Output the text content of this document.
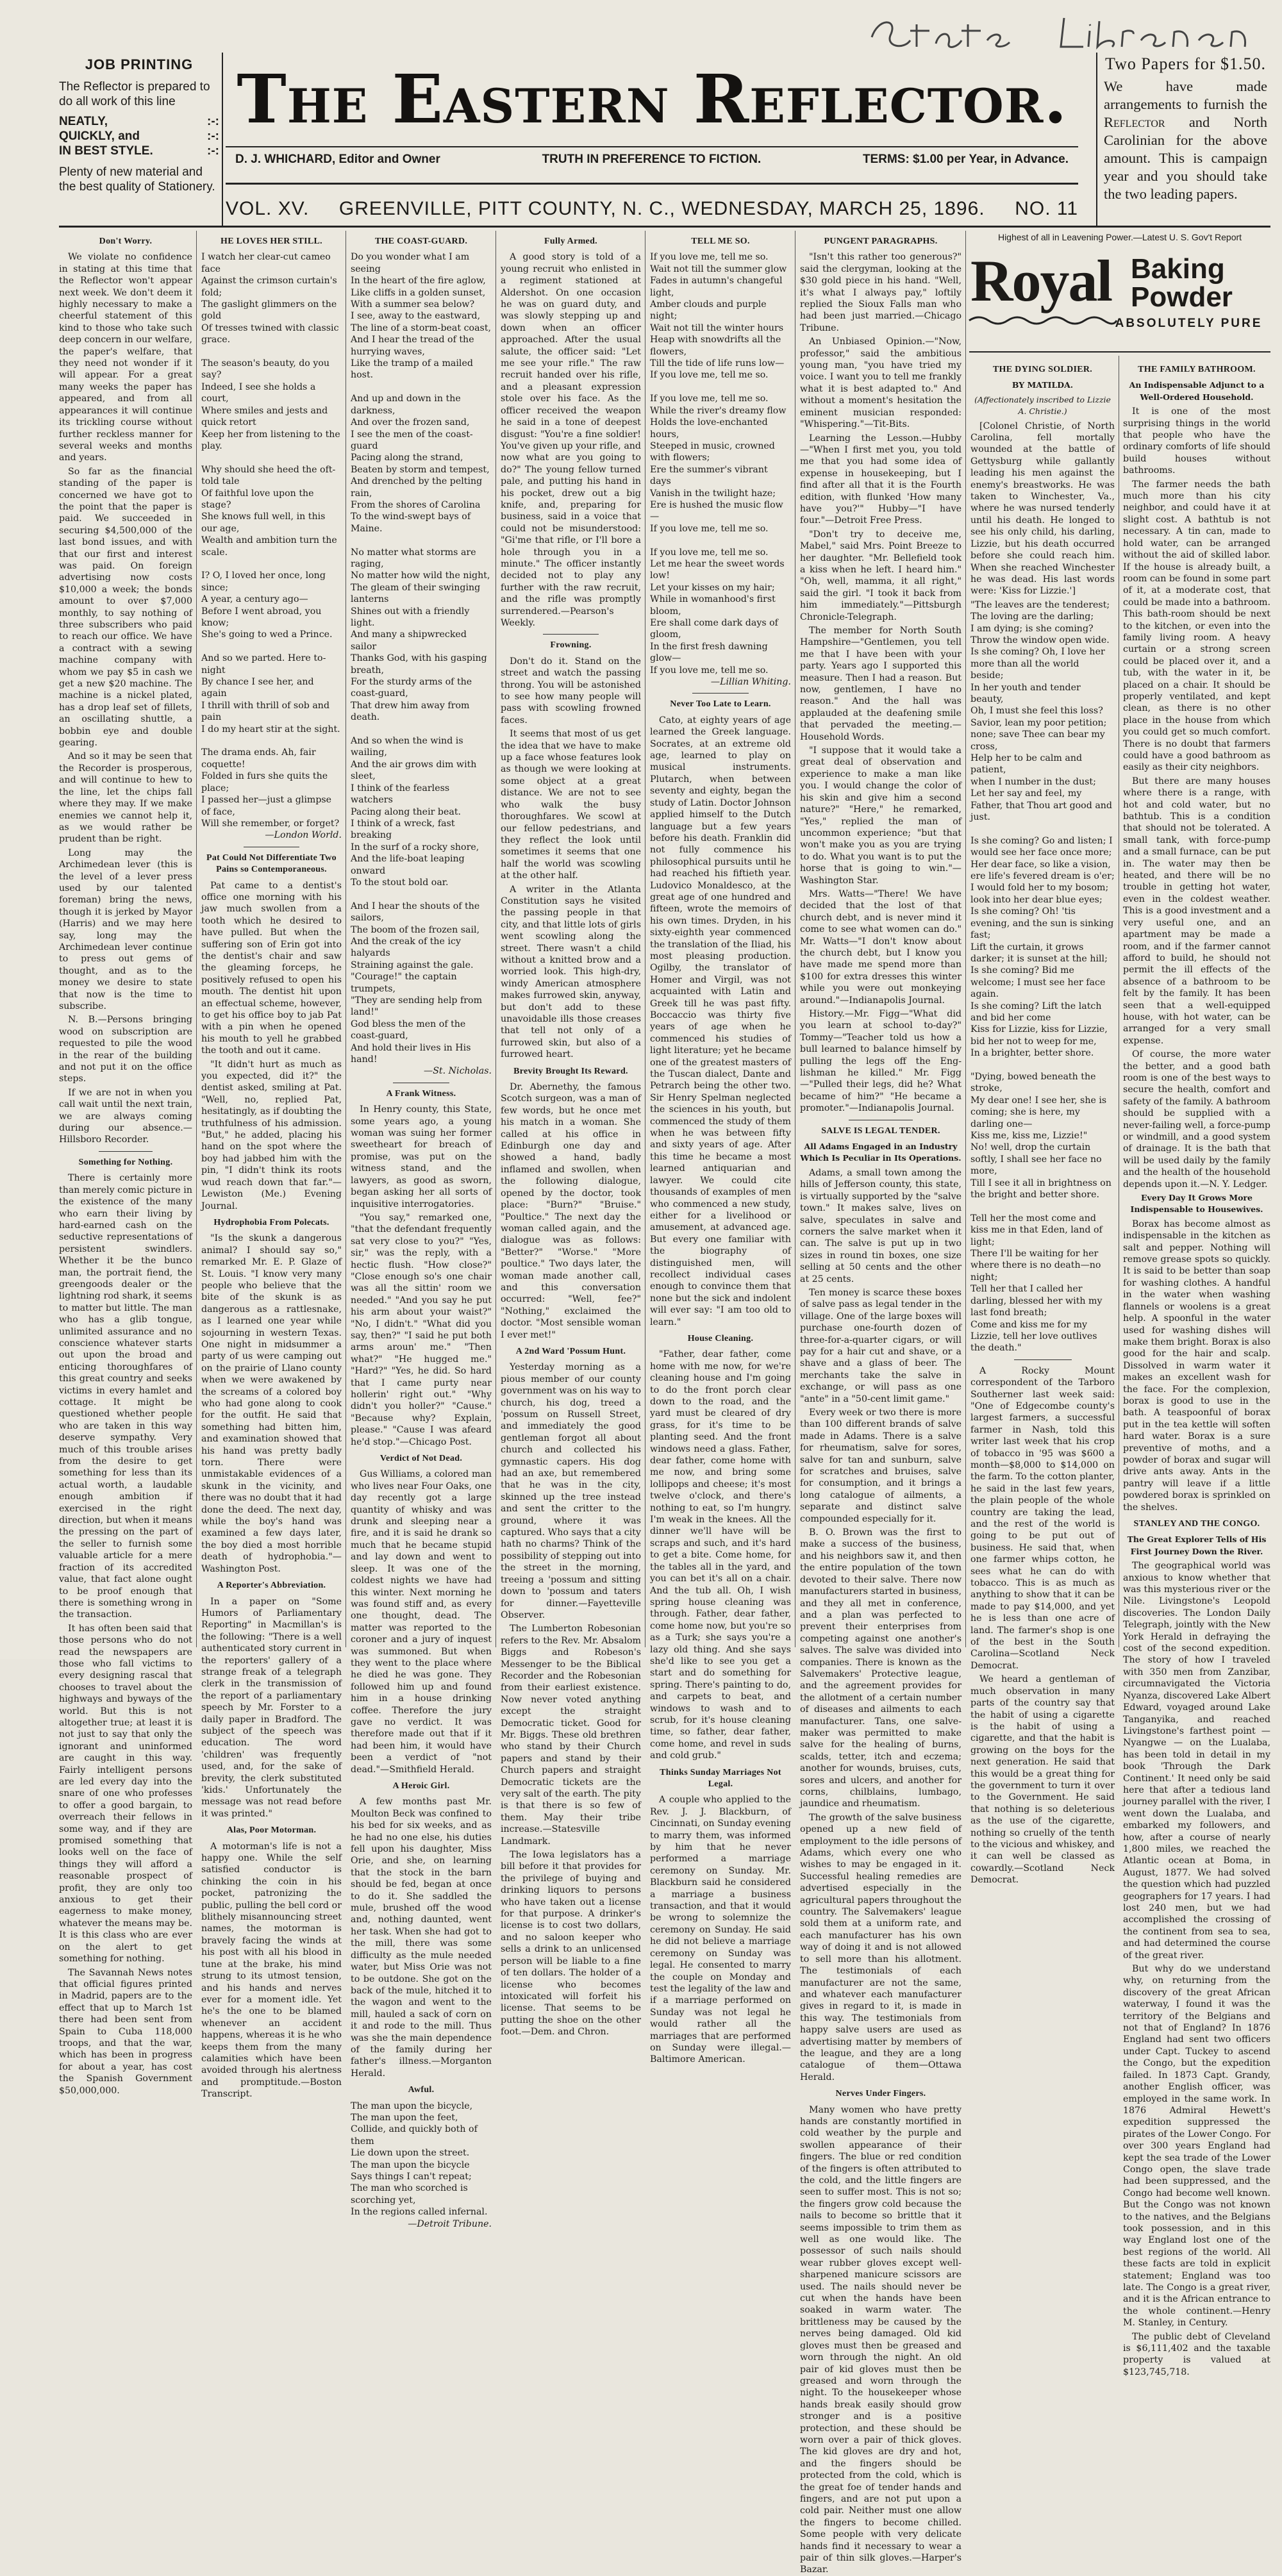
JOB PRINTING
The Reflector is prepared to do all work of this line
NEATLY,	:-:
QUICKLY, and	:-:
IN BEST STYLE.	:-:
Plenty of new material and the best quality of Stationery.
The Eastern Reflector.
D. J. WHICHARD, Editor and Owner	TRUTH IN PREFERENCE TO FICTION.	TERMS: $1.00 per Year, in Advance.
VOL. XV. GREENVILLE, PITT COUNTY, N. C., WEDNESDAY, MARCH 25, 1896. NO. 11
Two Papers for $1.50.
We have made arrangements to furnish the Reflector and North Carolinian for the above amount. This is campaign year and you should take the two leading papers.
Don't Worry.

We violate no confidence in stating at this time that the Reflector won't appear next week. We don't deem it highly necessary to make a cheerful statement of this kind to those who take such deep concern in our welfare, the paper's welfare, that they need not wonder if it will appear. For a great many weeks the paper has appeared, and from all appearances it will continue its trickling course without further reckless manner for several weeks and months and years.

So far as the financial standing of the paper is concerned we have got to the point that the paper is paid. We succeeded in securing $4,500,000 of the last bond issues, and with that our first and interest was paid. On foreign advertising now costs $10,000 a week; the bonds amount to over $7,000 monthly, to say nothing of three subscribers who paid to reach our office. We have a contract with a sewing machine company with whom we pay $5 in cash we get a new $20 machine. The machine is a nickel plated, has a drop leaf set of fillets, an oscillating shuttle, a bobbin eye and double gearing.

And so it may be seen that the Recorder is prosperous, and will continue to hew to the line, let the chips fall where they may. If we make enemies we cannot help it, as we would rather be prudent than be right.

Long may the Archimedean lever (this is the level of a lever press used by our talented foreman) bring the news, though it is jerked by Mayor (Harris) and we may here say, long may the Archimedean lever continue to press out gems of thought, and as to the money we desire to state that now is the time to subscribe.

N. B.—Persons bringing wood on subscription are requested to pile the wood in the rear of the building and not put it on the office steps.

If we are not in when you call wait until the next train, we are always coming during our absence.—Hillsboro Recorder.

Something for Nothing.

There is certainly more than merely comic picture in the existence of the many who earn their living by hard-earned cash on the seductive representations of persistent swindlers. Whether it be the bunco man, the portrait fiend, the greengoods dealer or the lightning rod shark, it seems to matter but little. The man who has a glib tongue, unlimited assurance and no conscience whatever starts out upon the broad and enticing thoroughfares of this great country and seeks victims in every hamlet and cottage. It might be questioned whether people who are taken in this way deserve sympathy. Very much of this trouble arises from the desire to get something for less than its actual worth, a laudable enough ambition if exercised in the right direction, but when it means the pressing on the part of the seller to furnish some valuable article for a mere fraction of its accredited value, that fact alone ought to be proof enough that there is something wrong in the transaction.

It has often been said that those persons who do not read the newspapers are those who fall victims to every designing rascal that chooses to travel about the highways and byways of the world. But this is not altogether true; at least it is not just to say that only the ignorant and uninformed are caught in this way. Fairly intelligent persons are led every day into the snare of one who professes to offer a good bargain, to overreach their fellows in some way, and if they are promised something that looks well on the face of things they will afford a reasonable prospect of profit, they are only too anxious to get their eagerness to make money, whatever the means may be. It is this class who are ever on the alert to get something for nothing.

The Savannah News notes that official figures printed in Madrid, papers are to the effect that up to March 1st there had been sent from Spain to Cuba 118,000 troops, and that the war, which has been in progress for about a year, has cost the Spanish Government $50,000,000.

HE LOVES HER STILL.
I watch her clear-cut cameo face
Against the crimson curtain's fold;
The gaslight glimmers on the gold
Of tresses twined with classic grace.

The season's beauty, do you say?
Indeed, I see she holds a court,
Where smiles and jests and quick retort
Keep her from listening to the play.

Why should she heed the oft-told tale
Of faithful love upon the stage?
She knows full well, in this our age,
Wealth and ambition turn the scale.

I? O, I loved her once, long since;
A year, a century ago—
Before I went abroad, you know;
She's going to wed a Prince.

And so we parted. Here to-night
By chance I see her, and again
I thrill with thrill of sob and pain
I do my heart stir at the sight.

The drama ends. Ah, fair coquette!
Folded in furs she quits the place;
I passed her—just a glimpse of face,
Will she remember, or forget?
—London World.
Pat Could Not Differentiate Two Pains so Contemporaneous.

Pat came to a dentist's office one morning with his jaw much swollen from a tooth which he desired to have pulled. But when the suffering son of Erin got into the dentist's chair and saw the gleaming forceps, he positively refused to open his mouth. The dentist hit upon an effectual scheme, however, to get his office boy to jab Pat with a pin when he opened his mouth to yell he grabbed the tooth and out it came.

"It didn't hurt as much as you expected, did it?" the dentist asked, smiling at Pat. "Well, no, replied Pat, hesitatingly, as if doubting the truthfulness of his admission. "But," he added, placing his hand on the spot where the boy had jabbed him with the pin, "I didn't think its roots wud reach down that far."—Lewiston (Me.) Evening Journal.

Hydrophobia From Polecats.

"Is the skunk a dangerous animal? I should say so," remarked Mr. E. P. Glaze of St. Louis. "I know very many people who believe that the bite of the skunk is as dangerous as a rattlesnake, as I learned one year while sojourning in western Texas. One night in midsummer a party of us were camping out on the prairie of Llano county when we were awakened by the screams of a colored boy who had gone along to cook for the outfit. He said that something had bitten him, and examination showed that his hand was pretty badly torn. There were unmistakable evidences of a skunk in the vicinity, and there was no doubt that it had done the deed. The next day, while the boy's hand was examined a few days later, the boy died a most horrible death of hydrophobia."—Washington Post.

A Reporter's Abbreviation.

In a paper on "Some Humors of Parliamentary Reporting" in Macmillan's is the following: "There is a well authenticated story current in the reporters' gallery of a strange freak of a telegraph clerk in the transmission of the report of a parliamentary speech by Mr. Forster to a daily paper in Bradford. The subject of the speech was education. The word 'children' was frequently used, and, for the sake of brevity, the clerk substituted 'kids.' Unfortunately the message was not read before it was printed."

Alas, Poor Motorman.

A motorman's life is not a happy one. While the self satisfied conductor is chinking the coin in his pocket, patronizing the public, pulling the bell cord or blithely misannouncing street names, the motorman is bravely facing the winds at his post with all his blood in tune at the brake, his mind strung to its utmost tension, and his hands and nerves ever for a moment idle. Yet he's the one to be blamed whenever an accident happens, whereas it is he who keeps them from the many calamities which have been avoided through his alertness and promptitude.—Boston Transcript.

THE COAST-GUARD.
Do you wonder what I am seeing
In the heart of the fire aglow,
Like cliffs in a golden sunset,
With a summer sea below?
I see, away to the eastward,
The line of a storm-beat coast,
And I hear the tread of the hurrying waves,
Like the tramp of a mailed host.

And up and down in the darkness,
And over the frozen sand,
I see the men of the coast-guard
Pacing along the strand,
Beaten by storm and tempest,
And drenched by the pelting rain,
From the shores of Carolina
To the wind-swept bays of Maine.

No matter what storms are raging,
No matter how wild the night,
The gleam of their swinging lanterns
Shines out with a friendly light.
And many a shipwrecked sailor
Thanks God, with his gasping breath,
For the sturdy arms of the coast-guard,
That drew him away from death.

And so when the wind is wailing,
And the air grows dim with sleet,
I think of the fearless watchers
Pacing along their beat.
I think of a wreck, fast breaking
In the surf of a rocky shore,
And the life-boat leaping onward
To the stout bold oar.

And I hear the shouts of the sailors,
The boom of the frozen sail,
And the creak of the icy halyards
Straining against the gale.
"Courage!" the captain trumpets,
"They are sending help from land!"
God bless the men of the coast-guard,
And hold their lives in His hand!
—St. Nicholas.
A Frank Witness.

In Henry county, this State, some years ago, a young woman was suing her former sweetheart for breach of promise, was put on the witness stand, and the lawyers, as good as sworn, began asking her all sorts of inquisitive interrogatories.

"You say," remarked one, "that the defendant frequently sat very close to you?" "Yes, sir," was the reply, with a hectic flush. "How close?" "Close enough so's one chair was all the sittin' room we needed." "And you say he put his arm about your waist?" "No, I didn't." "What did you say, then?" "I said he put both arms aroun' me." "Then what?" "He hugged me." "Hard?" "Yes, he did. So hard that I came purty near hollerin' right out." "Why didn't you holler?" "Cause." "Because why? Explain, please." "Cause I was afeard he'd stop."—Chicago Post.

Verdict of Not Dead.

Gus Williams, a colored man who lives near Four Oaks, one day recently got a large quantity of whisky and was drunk and sleeping near a fire, and it is said he drank so much that he became stupid and lay down and went to sleep. It was one of the coldest nights we have had this winter. Next morning he was found stiff and, as every one thought, dead. The matter was reported to the coroner and a jury of inquest was summoned. But when they went to the place where he died he was gone. They followed him up and found him in a house drinking coffee. Therefore the jury gave no verdict. It was therefore made out that if it had been him, it would have been a verdict of "not dead."—Smithfield Herald.

A Heroic Girl.

A few months past Mr. Moulton Beck was confined to his bed for six weeks, and as he had no one else, his duties fell upon his daughter, Miss Orie, and she, on learning that the stock in the barn should be fed, began at once to do it. She saddled the mule, brushed off the wood and, nothing daunted, went her task. When she had got to the mill, there was some difficulty as the mule needed water, but Miss Orie was not to be outdone. She got on the back of the mule, hitched it to the wagon and went to the mill, hauled a sack of corn on it and rode to the mill. Thus was she the main dependence of the family during her father's illness.—Morganton Herald.

Awful.
The man upon the bicycle,
The man upon the feet,
Collide, and quickly both of them
Lie down upon the street.
The man upon the bicycle
Says things I can't repeat;
The man who scorched is scorching yet,
In the regions called infernal.
—Detroit Tribune.
Fully Armed.

A good story is told of a young recruit who enlisted in a regiment stationed at Aldershot. On one occasion he was on guard duty, and was slowly stepping up and down when an officer approached. After the usual salute, the officer said: "Let me see your rifle." The raw recruit handed over his rifle, and a pleasant expression stole over his face. As the officer received the weapon he said in a tone of deepest disgust: "You're a fine soldier! You've given up your rifle, and now what are you going to do?" The young fellow turned pale, and putting his hand in his pocket, drew out a big knife, and, preparing for business, said in a voice that could not be misunderstood: "Gi'me that rifle, or I'll bore a hole through you in a minute." The officer instantly decided not to play any further with the raw recruit, and the rifle was promptly surrendered.—Pearson's Weekly.

Frowning.

Don't do it. Stand on the street and watch the passing throng. You will be astonished to see how many people will pass with scowling frowned faces.

It seems that most of us get the idea that we have to make up a face whose features look as though we were looking at some object at a great distance. We are not to see who walk the busy thoroughfares. We scowl at our fellow pedestrians, and they reflect the look until sometimes it seems that one half the world was scowling at the other half.

A writer in the Atlanta Constitution says he visited the passing people in that city, and that little lots of girls went scowling along the street. There wasn't a child without a knitted brow and a worried look. This high-dry, windy American atmosphere makes furrowed skin, anyway, but don't add to these unavoidable ills those creases that tell not only of a furrowed skin, but also of a furrowed heart.

Brevity Brought Its Reward.

Dr. Abernethy, the famous Scotch surgeon, was a man of few words, but he once met his match in a woman. She called at his office in Edinburgh one day and showed a hand, badly inflamed and swollen, when the following dialogue, opened by the doctor, took place: "Burn?" "Bruise." "Poultice." The next day the woman called again, and the dialogue was as follows: "Better?" "Worse." "More poultice." Two days later, the woman made another call, and this conversation occurred: "Well, fee?" "Nothing," exclaimed the doctor. "Most sensible woman I ever met!"

A 2nd Ward 'Possum Hunt.

Yesterday morning as a pious member of our county government was on his way to church, his dog, treed a 'possum on Russell Street, and immediately the good gentleman forgot all about church and collected his gymnastic capers. His dog had an axe, but remembered that he was in the city, skinned up the tree instead and sent the critter to the ground, where it was captured. Who says that a city hath no charms? Think of the possibility of stepping out into the street in the morning, treeing a 'possum and sitting down to 'possum and taters for dinner.—Fayetteville Observer.

The Lumberton Robesonian refers to the Rev. Mr. Absalom Biggs and Robeson's Messenger to be the Biblical Recorder and the Robesonian from their earliest existence. Now never voted anything except the straight Democratic ticket. Good for Mr. Biggs. These old brethren who stand by their Church papers and stand by their Church papers and straight Democratic tickets are the very salt of the earth. The pity is that there is so few of them. May their tribe increase.—Statesville Landmark.

The Iowa legislators has a bill before it that provides for the privilege of buying and drinking liquors to persons who have taken out a license for that purpose. A drinker's license is to cost two dollars, and no saloon keeper who sells a drink to an unlicensed person will be liable to a fine of ten dollars. The holder of a license who becomes intoxicated will forfeit his license. That seems to be putting the shoe on the other foot.—Dem. and Chron.

TELL ME SO.
If you love me, tell me so.
Wait not till the summer glow
Fades in autumn's changeful light,
Amber clouds and purple night;
Wait not till the winter hours
Heap with snowdrifts all the flowers,
Till the tide of life runs low—
If you love me, tell me so.

If you love me, tell me so.
While the river's dreamy flow
Holds the love-enchanted hours,
Steeped in music, crowned with flowers;
Ere the summer's vibrant days
Vanish in the twilight haze;
Ere is hushed the music flow—
If you love me, tell me so.

If you love me, tell me so.
Let me hear the sweet words low!
Let your kisses on my hair;
While in womanhood's first bloom,
Ere shall come dark days of gloom,
In the first fresh dawning glow—
If you love me, tell me so.
—Lillian Whiting.
Never Too Late to Learn.

Cato, at eighty years of age learned the Greek language. Socrates, at an extreme old age, learned to play on musical instruments. Plutarch, when between seventy and eighty, began the study of Latin. Doctor Johnson applied himself to the Dutch language but a few years before his death. Franklin did not fully commence his philosophical pursuits until he had reached his fiftieth year. Ludovico Monaldesco, at the great age of one hundred and fifteen, wrote the memoirs of his own times. Dryden, in his sixty-eighth year commenced the translation of the Iliad, his most pleasing production. Ogilby, the translator of Homer and Virgil, was not acquainted with Latin and Greek till he was past fifty. Boccaccio was thirty five years of age when he commenced his studies of light literature; yet he became one of the greatest masters of the Tuscan dialect, Dante and Petrarch being the other two. Sir Henry Spelman neglected the sciences in his youth, but commenced the study of them when he was between fifty and sixty years of age. After this time he became a most learned antiquarian and lawyer. We could cite thousands of examples of men who commenced a new study, either for a livelihood or amusement, at advanced age. But every one familiar with the biography of distinguished men, will recollect individual cases enough to convince them that none but the sick and indolent will ever say: "I am too old to learn."

House Cleaning.

"Father, dear father, come home with me now, for we're cleaning house and I'm going to do the front porch clear down to the road, and the yard must be cleared of dry grass, for it's time to be planting seed. And the front windows need a glass. Father, dear father, come home with me now, and bring some lollipops and cheese; it's most twelve o'clock, and there's nothing to eat, so I'm hungry. I'm weak in the knees. All the dinner we'll have will be scraps and such, and it's hard to get a bite. Come home, for the tables all in the yard, and you can bet it's all on a chair. And the tub all. Oh, I wish spring house cleaning was through. Father, dear father, come home now, but you're so as a Turk; she says you're a lazy old thing. And she says she'd like to see you get a start and do something for spring. There's painting to do, and carpets to beat, and windows to wash and to scrub, for it's house cleaning time, so father, dear father, come home, and revel in suds and cold grub."

Thinks Sunday Marriages Not Legal.

A couple who applied to the Rev. J. J. Blackburn, of Cincinnati, on Sunday evening to marry them, was informed by him that he never performed a marriage ceremony on Sunday. Mr. Blackburn said he considered a marriage a business transaction, and that it would be wrong to solemnize the ceremony on Sunday. He said he did not believe a marriage ceremony on Sunday was legal. He consented to marry the couple on Monday and test the legality of the law and if a marriage performed on Sunday was not legal he would rather all the marriages that are performed on Sunday were illegal.—Baltimore American.

PUNGENT PARAGRAPHS.

"Isn't this rather too generous?" said the clergyman, looking at the $30 gold piece in his hand. "Well, it's what I always pay," loftily replied the Sioux Falls man who had been just married.—Chicago Tribune.

An Unbiased Opinion.—"Now, professor," said the ambitious young man, "you have tried my voice. I want you to tell me frankly what it is best adapted to." And without a moment's hesitation the eminent musician responded: "Whispering."—Tit-Bits.

Learning the Lesson.—Hubby—"When I first met you, you told me that you had some idea of expense in housekeeping, but I find after all that it is the Fourth edition, with flunked 'How many have you?'" Hubby—"I have four."—Detroit Free Press.

"Don't try to deceive me, Mabel," said Mrs. Point Breeze to her daughter. "Mr. Bellefield took a kiss when he left. I heard him." "Oh, well, mamma, it all right," said the girl. "I took it back from him immediately."—Pittsburgh Chronicle-Telegraph.

The member for North South Hampshire—"Gentlemen, you tell me that I have been with your party. Years ago I supported this measure. Then I had a reason. But now, gentlemen, I have no reason." And the hall was applauded at the deafening smile that pervaded the meeting.—Household Words.

"I suppose that it would take a great deal of observation and experience to make a man like you. I would change the color of his skin and give him a second nature?" "Here," he remarked, "Yes," replied the man of uncommon experience; "but that won't make you as you are trying to do. What you want is to put the horse that is going to win."—Washington Star.

Mrs. Watts—"There! We have decided that the lost of that church debt, and is never mind it come to see what women can do." Mr. Watts—"I don't know about the church debt, but I know you have made me spend more than $100 for extra dresses this winter while you were out monkeying around."—Indianapolis Journal.

History.—Mr. Figg—"What did you learn at school to-day?" Tommy—"Teacher told us how a bull learned to balance himself by pulling the legs off the Eng-lishman he killed." Mr. Figg—"Pulled their legs, did he? What became of him?" "He became a promoter."—Indianapolis Journal.

SALVE IS LEGAL TENDER.
All Adams Engaged in an Industry Which Is Peculiar in Its Operations.

Adams, a small town among the hills of Jefferson county, this state, is virtually supported by the "salve town." It makes salve, lives on salve, speculates in salve and corners the salve market when it can. The salve is put up in two sizes in round tin boxes, one size selling at 50 cents and the other at 25 cents.

Ten money is scarce these boxes of salve pass as legal tender in the village. One of the large boxes will purchase one-fourth dozen of three-for-a-quarter cigars, or will pay for a hair cut and shave, or a shave and a glass of beer. The merchants take the salve in exchange, or will pass as one "ante" in a "50-cent limit game."

Every week or two there is more than 100 different brands of salve made in Adams. There is a salve for rheumatism, salve for sores, salve for tan and sunburn, salve for scratches and bruises, salve for consumption, and it brings a long catalogue of ailments, a separate and distinct salve compounded especially for it.

B. O. Brown was the first to make a success of the business, and his neighbors saw it, and then the entire population of the town devoted to their salve. There now manufacturers started in business, and they all met in conference, and a plan was perfected to prevent their enterprises from competing against one another's salves. The salve was divided into companies. There is known as the Salvemakers' Protective league, and the agreement provides for the allotment of a certain number of diseases and ailments to each manufacturer. Tans, one salve-maker was permitted to make salve for the healing of burns, scalds, tetter, itch and eczema; another for wounds, bruises, cuts, sores and ulcers, and another for corns, chilblains, lumbago, jaundice and rheumatism.

The growth of the salve business opened up a new field of employment to the idle persons of Adams, which every one who wishes to may be engaged in it. Successful healing remedies are advertised especially in the agricultural papers throughout the country. The Salvemakers' league sold them at a uniform rate, and each manufacturer has his own way of doing it and is not allowed to sell more than his allotment. The testimonials of each manufacturer are not the same, and whatever each manufacturer gives in regard to it, is made in this way. The testimonials from happy salve users are used as advertising matter by members of the league, and they are a long catalogue of them—Ottawa Herald.

Nerves Under Fingers.

Many women who have pretty hands are constantly mortified in cold weather by the purple and swollen appearance of their fingers. The blue or red condition of the fingers is often attributed to the cold, and the little fingers are seen to suffer most. This is not so; the fingers grow cold because the nails to become so brittle that it seems impossible to trim them as well as one would like. The possessor of such nails should wear rubber gloves except well-sharpened manicure scissors are used. The nails should never be cut when the hands have been soaked in warm water. The brittleness may be caused by the nerves being damaged. Old kid gloves must then be greased and worn through the night. An old pair of kid gloves must then be greased and worn through the night. To the housekeeper whose hands break easily should grow stronger and is a positive protection, and these should be worn over a pair of thick gloves. The kid gloves are dry and hot, and the fingers should be protected from the cold, which is the great foe of tender hands and fingers, and are not put upon a cold pair. Neither must one allow the fingers to become chilled. Some people with very delicate hands find it necessary to wear a pair of thin silk gloves.—Harper's Bazar.

Highest of all in Leavening Power.—Latest U. S. Gov't Report
Royal Baking
Powder
ABSOLUTELY PURE
THE DYING SOLDIER.
BY MATILDA.
(Affectionately inscribed to Lizzie A. Christie.)

[Colonel Christie, of North Carolina, fell mortally wounded at the battle of Gettysburg while gallantly leading his men against the enemy's breastworks. He was taken to Winchester, Va., where he was nursed tenderly until his death. He longed to see his only child, his darling, Lizzie, but his death occurred before she could reach him. When she reached Winchester he was dead. His last words were: 'Kiss for Lizzie.']

"The leaves are the tenderest;
The loving are the darling;
I am dying; is she coming? Throw the window open wide.
Is she coming? Oh, I love her more than all the world beside;
In her youth and tender beauty,
Oh, I must she feel this loss?
Savior, lean my poor petition; none; save Thee can bear my cross,
Help her to be calm and patient,
when I number in the dust;
Let her say and feel, my Father, that Thou art good and just.

Is she coming? Go and listen; I would see her face once more;
Her dear face, so like a vision, ere life's fevered dream is o'er;
I would fold her to my bosom; look into her dear blue eyes;
Is she coming? Oh! 'tis evening, and the sun is sinking fast;
Lift the curtain, it grows darker; it is sunset at the hill;
Is she coming? Bid me welcome; I must see her face again.
Is she coming? Lift the latch and bid her come
Kiss for Lizzie, kiss for Lizzie, bid her not to weep for me,
In a brighter, better shore.

"Dying, bowed beneath the stroke,
My dear one! I see her, she is coming; she is here, my darling one—
Kiss me, kiss me, Lizzie!"
No! well, drop the curtain softly, I shall see her face no more,
Till I see it all in brightness on the bright and better shore.

Tell her the most come and kiss me in that Eden, land of light;
There I'll be waiting for her where there is no death—no night;
Tell her that I called her darling, blessed her with my last fond breath;
Come and kiss me for my Lizzie, tell her love outlives the death."

A Rocky Mount correspondent of the Tarboro Southerner last week said: "One of Edgecombe county's largest farmers, a successful farmer in Nash, told this writer last week that his crop of tobacco in '95 was $600 a month—$8,000 to $14,000 on the farm. To the cotton planter, he said in the last few years, the plain people of the whole country are taking the lead, and the rest of the world is going to be put out of business. He said that, when one farmer whips cotton, he sees what he can do with tobacco. This is as much as anything to show that it can be made to pay $14,000, and yet he is less than one acre of land. The farmer's shop is one of the best in the South Carolina—Scotland Neck Democrat.

We heard a gentleman of much observation in many parts of the country say that the habit of using a cigarette is the habit of using a cigarette, and that the habit is growing on the boys for the next generation. He said that this would be a great thing for the government to turn it over to the Government. He said that nothing is so deleterious as the use of the cigarette, nothing so cruelly of the tenth to the vicious and whiskey, and it can well be classed as cowardly.—Scotland Neck Democrat.

THE FAMILY BATHROOM.
An Indispensable Adjunct to a Well-Ordered Household.

It is one of the most surprising things in the world that people who have the ordinary comforts of life should build houses without bathrooms.

The farmer needs the bath much more than his city neighbor, and could have it at slight cost. A bathtub is not necessary. A tin can, made to hold water, can be arranged without the aid of skilled labor. If the house is already built, a room can be found in some part of it, at a moderate cost, that could be made into a bathroom. This bath-room should be next to the kitchen, or even into the family living room. A heavy curtain or a strong screen could be placed over it, and a tub, with the water in it, be placed on a chair. It should be properly ventilated, and kept clean, as there is no other place in the house from which you could get so much comfort. There is no doubt that farmers could have a good bathroom as easily as their city neighbors.

But there are many houses where there is a range, with hot and cold water, but no bathtub. This is a condition that should not be tolerated. A small tank, with force-pump and a small furnace, can be put in. The water may then be heated, and there will be no trouble in getting hot water, even in the coldest weather. This is a good investment and a very useful one, and an apartment may be made a room, and if the farmer cannot afford to build, he should not permit the ill effects of the absence of a bathroom to be felt by the family. It has been seen that a well-equipped house, with hot water, can be arranged for a very small expense.

Of course, the more water the better, and a good bath room is one of the best ways to secure the health, comfort and safety of the family. A bathroom should be supplied with a never-failing well, a force-pump or windmill, and a good system of drainage. It is the bath that will be used daily by the family and the health of the household depends upon it.—N. Y. Ledger.

Every Day It Grows More Indispensable to Housewives.

Borax has become almost as indispensable in the kitchen as salt and pepper. Nothing will remove grease spots so quickly. It is said to be better than soap for washing clothes. A handful in the water when washing flannels or woolens is a great help. A spoonful in the water used for washing dishes will make them bright. Borax is also good for the hair and scalp. Dissolved in warm water it makes an excellent wash for the face. For the complexion, borax is good to use in the bath. A teaspoonful of borax put in the tea kettle will soften hard water. Borax is a sure preventive of moths, and a powder of borax and sugar will drive ants away. Ants in the pantry will leave if a little powdered borax is sprinkled on the shelves.

STANLEY AND THE CONGO.
The Great Explorer Tells of His First Journey Down the River.

The geographical world was anxious to know whether that was this mysterious river or the Nile. Livingstone's Leopold discoveries. The London Daily Telegraph, jointly with the New York Herald in defraying the cost of the second expedition. The story of how I traveled with 350 men from Zanzibar, circumnavigated the Victoria Nyanza, discovered Lake Albert Edward, voyaged around Lake Tanganyika, and reached Livingstone's farthest point — Nyangwe — on the Lualaba, has been told in detail in my book 'Through the Dark Continent.' It need only be said here that after a tedious land journey parallel with the river, I went down the Lualaba, and embarked my followers, and how, after a course of nearly 1,800 miles, we reached the Atlantic ocean at Boma, in August, 1877. We had solved the question which had puzzled geographers for 17 years. I had lost 240 men, but we had accomplished the crossing of the continent from sea to sea, and had determined the course of the great river.

But why do we understand why, on returning from the discovery of the great African waterway, I found it was the territory of the Belgians and not that of England? In 1876 England had sent two officers under Capt. Tuckey to ascend the Congo, but the expedition failed. In 1873 Capt. Grandy, another English officer, was employed in the same work. In 1876 Admiral Hewett's expedition suppressed the pirates of the Lower Congo. For over 300 years England had kept the sea trade of the Lower Congo open, the slave trade had been suppressed, and the Congo had become well known. But the Congo was not known to the natives, and the Belgians took possession, and in this way England lost one of the best regions of the world. All these facts are told in explicit statement; England was too late. The Congo is a great river, and it is the African entrance to the whole continent.—Henry M. Stanley, in Century.

The public debt of Cleveland is $6,111,402 and the taxable property is valued at $123,745,718.
